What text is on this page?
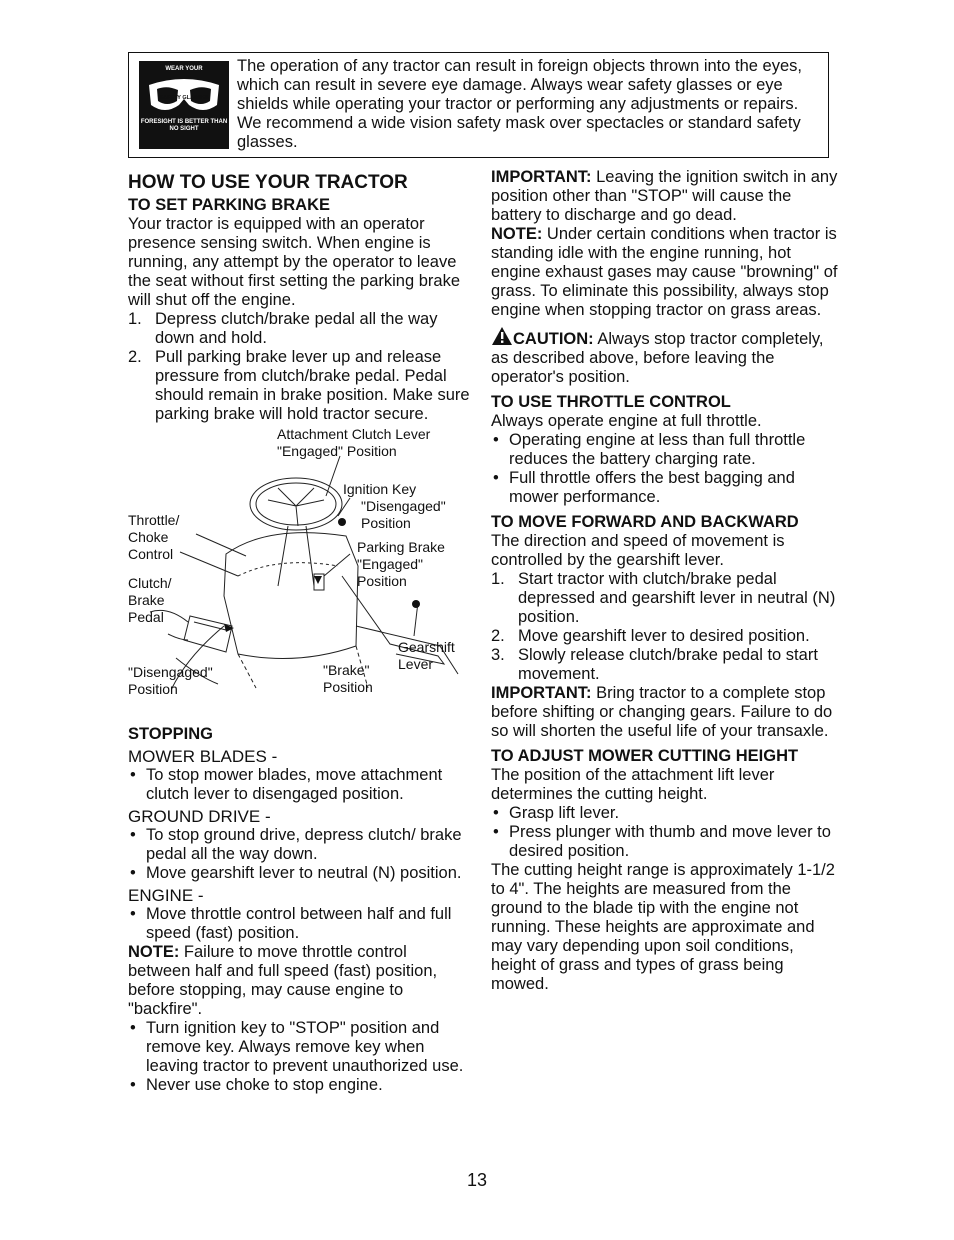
WEAR YOUR
SAFETY GLASSES
FORESIGHT IS BETTER THAN NO SIGHT
The operation of any tractor can result in foreign objects thrown into the eyes, which can result in severe eye damage. Always wear safety glasses or eye shields while operating your tractor or performing any adjustments or repairs. We recommend a wide vision safety mask over spectacles or standard safety glasses.
HOW TO USE YOUR TRACTOR
TO SET PARKING BRAKE

Your tractor is equipped with an operator presence sensing switch. When engine is running, any attempt by the operator to leave the seat without first setting the parking brake will shut off the engine.

1. Depress clutch/brake pedal all the way down and hold.
2. Pull parking brake lever up and release pressure from clutch/brake pedal. Pedal should remain in brake position. Make sure parking brake will hold tractor secure.
Attachment Clutch Lever
"Engaged" Position
Ignition Key
"Disengaged"
Position
Throttle/
Choke
Control	Parking Brake
"Engaged"
Position
Clutch/
Brake
Pedal
Gearshift
Lever
"Disengaged"
Position
"Brake"
Position
STOPPING

MOWER BLADES -

• To stop mower blades, move attachment clutch lever to disengaged position.

GROUND DRIVE -

• To stop ground drive, depress clutch/ brake pedal all the way down.
• Move gearshift lever to neutral (N) position.

ENGINE -

• Move throttle control between half and full speed (fast) position.

NOTE: Failure to move throttle control between half and full speed (fast) position, before stopping, may cause engine to "backfire".

• Turn ignition key to "STOP" position and remove key. Always remove key when leaving tractor to prevent unauthorized use.
• Never use choke to stop engine.

IMPORTANT: Leaving the ignition switch in any position other than "STOP" will cause the battery to discharge and go dead.

NOTE: Under certain conditions when tractor is standing idle with the engine running, hot engine exhaust gases may cause "browning" of grass. To eliminate this possibility, always stop engine when stopping tractor on grass areas.

CAUTION: Always stop tractor completely, as described above, before leaving the operator's position.

TO USE THROTTLE CONTROL

Always operate engine at full throttle.

• Operating engine at less than full throttle reduces the battery charging rate.
• Full throttle offers the best bagging and mower performance.
TO MOVE FORWARD AND BACKWARD

The direction and speed of movement is controlled by the gearshift lever.

1. Start tractor with clutch/brake pedal depressed and gearshift lever in neutral (N) position.
2. Move gearshift lever to desired position.
3. Slowly release clutch/brake pedal to start movement.

IMPORTANT: Bring tractor to a complete stop before shifting or changing gears. Failure to do so will shorten the useful life of your transaxle.

TO ADJUST MOWER CUTTING HEIGHT

The position of the attachment lift lever determines the cutting height.

• Grasp lift lever.
• Press plunger with thumb and move lever to desired position.

The cutting height range is approximately 1-1/2 to 4". The heights are measured from the ground to the blade tip with the engine not running. These heights are approximate and may vary depending upon soil conditions, height of grass and types of grass being mowed.

13
